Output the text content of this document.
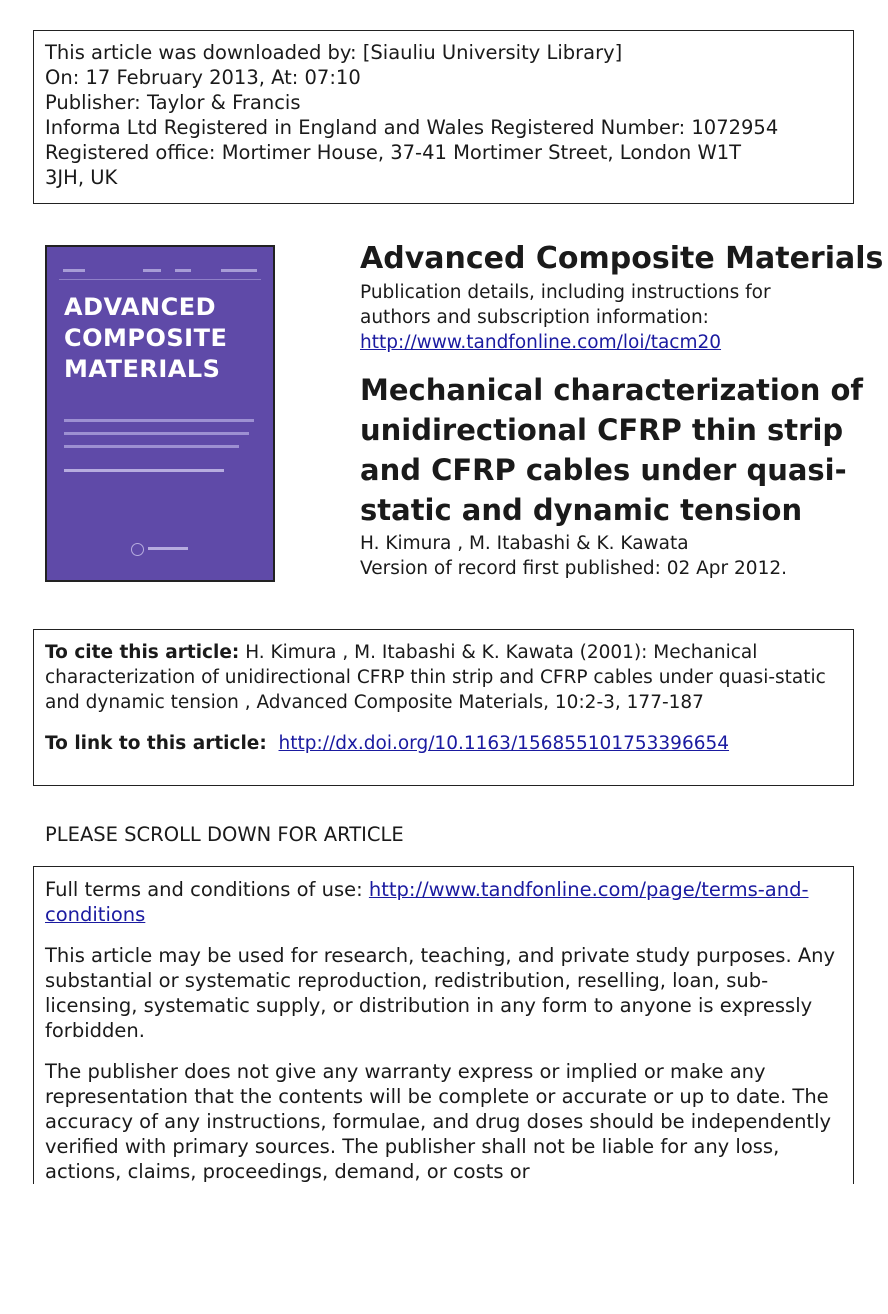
This article was downloaded by: [Siauliu University Library]
On: 17 February 2013, At: 07:10
Publisher: Taylor & Francis
Informa Ltd Registered in England and Wales Registered Number: 1072954
Registered office: Mortimer House, 37-41 Mortimer Street, London W1T
3JH, UK
ADVANCED
COMPOSITE
MATERIALS
Advanced Composite Materials
Publication details, including instructions for
authors and subscription information:
http://www.tandfonline.com/loi/tacm20
Mechanical characterization of
unidirectional CFRP thin strip
and CFRP cables under quasi-
static and dynamic tension
H. Kimura , M. Itabashi & K. Kawata
Version of record first published: 02 Apr 2012.
To cite this article: H. Kimura , M. Itabashi & K. Kawata (2001): Mechanical characterization of unidirectional CFRP thin strip and CFRP cables under quasi-static and dynamic tension , Advanced Composite Materials, 10:2-3, 177-187
To link to this article: http://dx.doi.org/10.1163/156855101753396654
PLEASE SCROLL DOWN FOR ARTICLE
Full terms and conditions of use: http://www.tandfonline.com/page/terms-and-conditions
This article may be used for research, teaching, and private study purposes. Any substantial or systematic reproduction, redistribution, reselling, loan, sub-licensing, systematic supply, or distribution in any form to anyone is expressly forbidden.
The publisher does not give any warranty express or implied or make any representation that the contents will be complete or accurate or up to date. The accuracy of any instructions, formulae, and drug doses should be independently verified with primary sources. The publisher shall not be liable for any loss, actions, claims, proceedings, demand, or costs or
